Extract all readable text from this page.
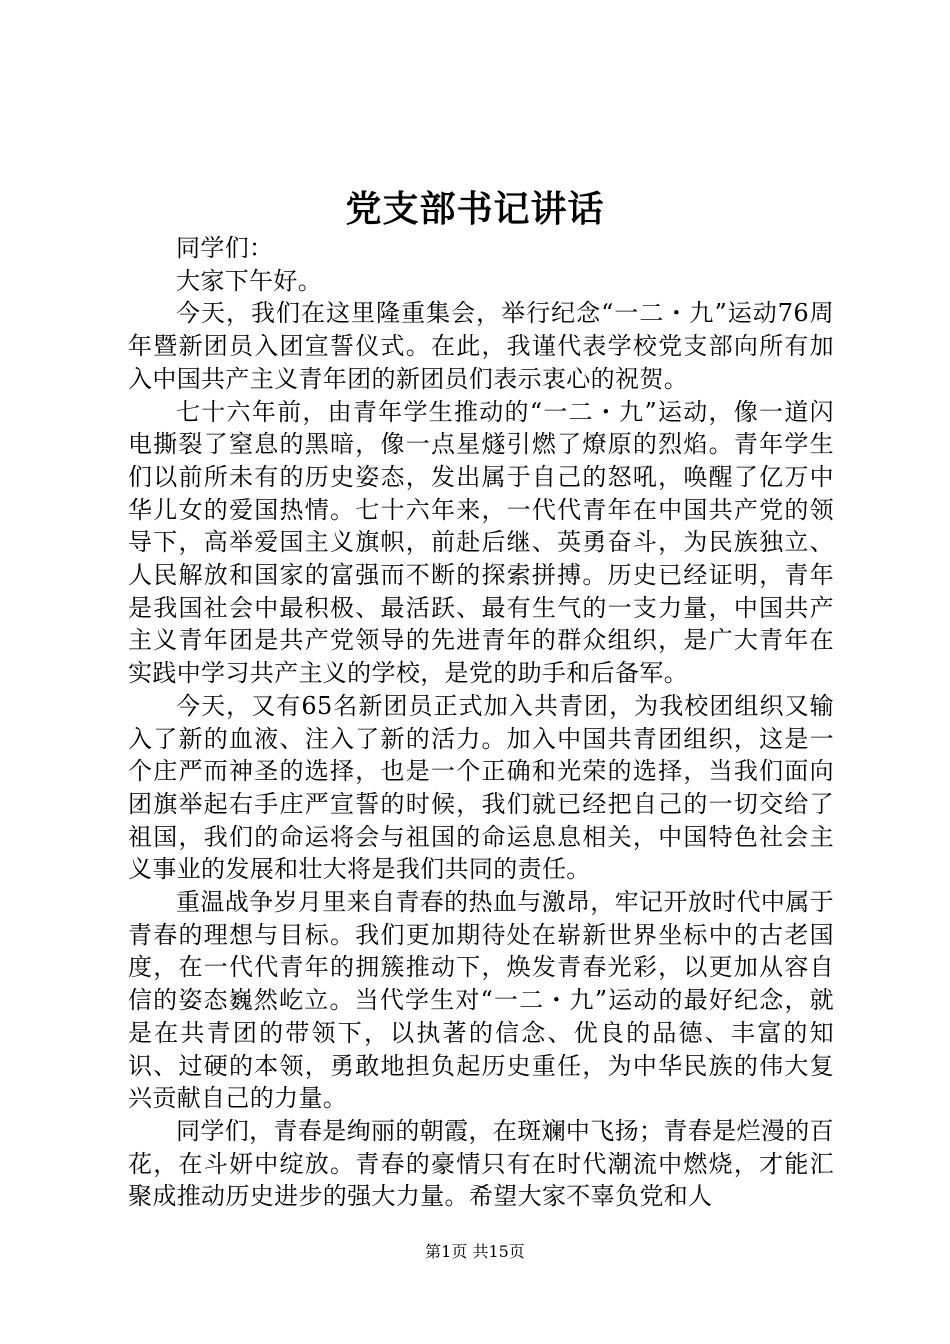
党支部书记讲话

同学们：

大家下午好。

今天，我们在这里隆重集会，举行纪念“一二・九”运动76周年暨新团员入团宣誓仪式。在此，我谨代表学校党支部向所有加入中国共产主义青年团的新团员们表示衷心的祝贺。

七十六年前，由青年学生推动的“一二・九”运动，像一道闪电撕裂了窒息的黑暗，像一点星燧引燃了燎原的烈焰。青年学生们以前所未有的历史姿态，发出属于自己的怒吼，唤醒了亿万中华儿女的爱国热情。七十六年来，一代代青年在中国共产党的领导下，高举爱国主义旗帜，前赴后继、英勇奋斗，为民族独立、人民解放和国家的富强而不断的探索拼搏。历史已经证明，青年是我国社会中最积极、最活跃、最有生气的一支力量，中国共产主义青年团是共产党领导的先进青年的群众组织，是广大青年在实践中学习共产主义的学校，是党的助手和后备军。

今天，又有65名新团员正式加入共青团，为我校团组织又输入了新的血液、注入了新的活力。加入中国共青团组织，这是一个庄严而神圣的选择，也是一个正确和光荣的选择，当我们面向团旗举起右手庄严宣誓的时候，我们就已经把自己的一切交给了祖国，我们的命运将会与祖国的命运息息相关，中国特色社会主义事业的发展和壮大将是我们共同的责任。

重温战争岁月里来自青春的热血与激昂，牢记开放时代中属于青春的理想与目标。我们更加期待处在崭新世界坐标中的古老国度，在一代代青年的拥簇推动下，焕发青春光彩，以更加从容自信的姿态巍然屹立。当代学生对“一二・九”运动的最好纪念，就是在共青团的带领下，以执著的信念、优良的品德、丰富的知识、过硬的本领，勇敢地担负起历史重任，为中华民族的伟大复兴贡献自己的力量。

同学们，青春是绚丽的朝霞，在斑斓中飞扬；青春是烂漫的百花，在斗妍中绽放。青春的豪情只有在时代潮流中燃烧，才能汇聚成推动历史进步的强大力量。希望大家不辜负党和人

第1页 共15页
